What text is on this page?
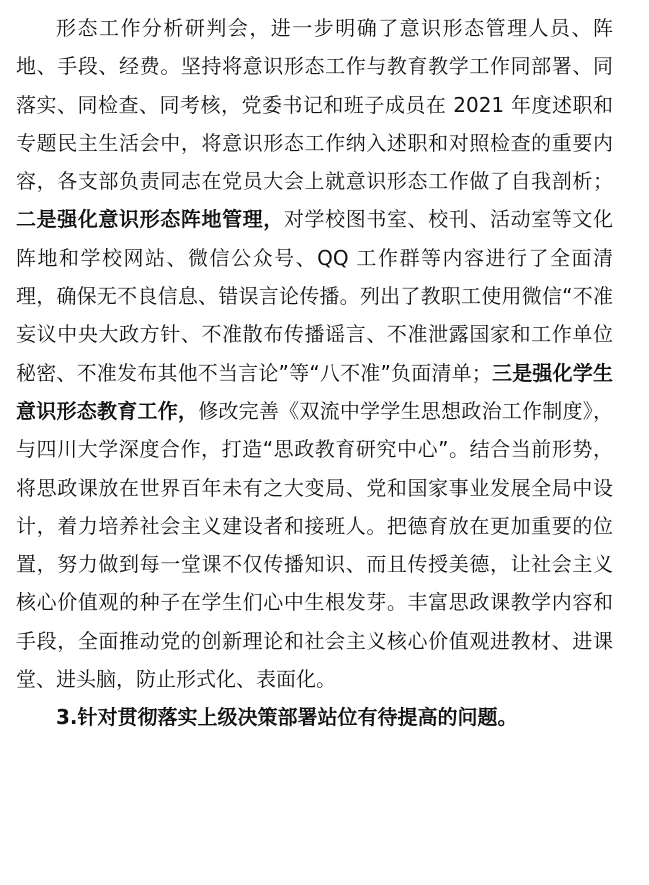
形态工作分析研判会，进一步明确了意识形态管理人员、阵地、手段、经费。坚持将意识形态工作与教育教学工作同部署、同落实、同检查、同考核，党委书记和班子成员在 2021 年度述职和专题民主生活会中，将意识形态工作纳入述职和对照检查的重要内容，各支部负责同志在党员大会上就意识形态工作做了自我剖析；二是强化意识形态阵地管理，对学校图书室、校刊、活动室等文化阵地和学校网站、微信公众号、QQ 工作群等内容进行了全面清理，确保无不良信息、错误言论传播。列出了教职工使用微信“不准妄议中央大政方针、不准散布传播谣言、不准泄露国家和工作单位秘密、不准发布其他不当言论”等“八不准”负面清单；三是强化学生意识形态教育工作，修改完善《双流中学学生思想政治工作制度》，与四川大学深度合作，打造“思政教育研究中心”。结合当前形势，将思政课放在世界百年未有之大变局、党和国家事业发展全局中设计，着力培养社会主义建设者和接班人。把德育放在更加重要的位置，努力做到每一堂课不仅传播知识、而且传授美德，让社会主义核心价值观的种子在学生们心中生根发芽。丰富思政课教学内容和手段，全面推动党的创新理论和社会主义核心价值观进教材、进课堂、进头脑，防止形式化、表面化。

3.针对贯彻落实上级决策部署站位有待提高的问题。
